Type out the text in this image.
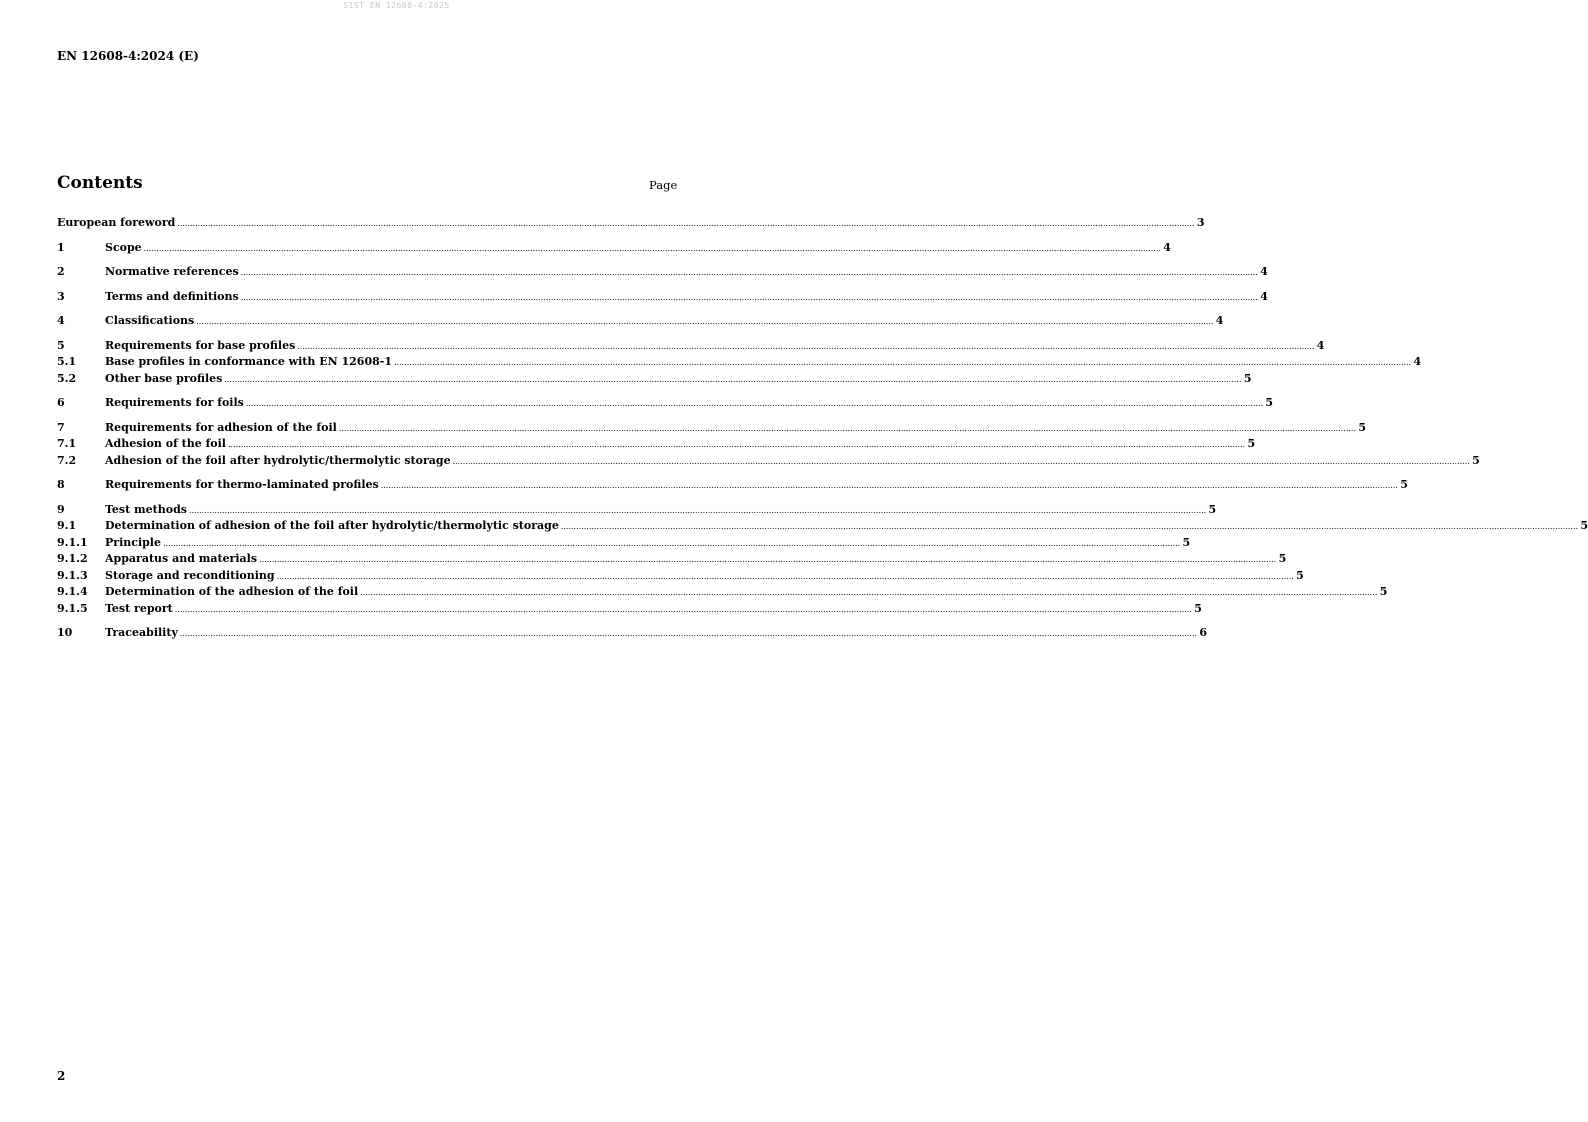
SIST EN 12608-4:2025
EN 12608-4:2024 (E)
Contents	Page
European foreword ................................................................................................................................................................................................................................................................................................................................................................................................................ 3
1	Scope ................................................................................................................................................................................................................................................................................................................................................................................................................ 4
2	Normative references ................................................................................................................................................................................................................................................................................................................................................................................................................ 4
3	Terms and definitions ................................................................................................................................................................................................................................................................................................................................................................................................................ 4
4	Classifications ................................................................................................................................................................................................................................................................................................................................................................................................................ 4
5	Requirements for base profiles ................................................................................................................................................................................................................................................................................................................................................................................................................ 4
5.1	Base profiles in conformance with EN 12608-1 ................................................................................................................................................................................................................................................................................................................................................................................................................ 4
5.2	Other base profiles ................................................................................................................................................................................................................................................................................................................................................................................................................ 5
6	Requirements for foils ................................................................................................................................................................................................................................................................................................................................................................................................................ 5
7	Requirements for adhesion of the foil ................................................................................................................................................................................................................................................................................................................................................................................................................ 5
7.1	Adhesion of the foil ................................................................................................................................................................................................................................................................................................................................................................................................................ 5
7.2	Adhesion of the foil after hydrolytic/thermolytic storage ................................................................................................................................................................................................................................................................................................................................................................................................................ 5
8	Requirements for thermo-laminated profiles ................................................................................................................................................................................................................................................................................................................................................................................................................ 5
9	Test methods ................................................................................................................................................................................................................................................................................................................................................................................................................ 5
9.1	Determination of adhesion of the foil after hydrolytic/thermolytic storage ................................................................................................................................................................................................................................................................................................................................................................................................................ 5
9.1.1	Principle ................................................................................................................................................................................................................................................................................................................................................................................................................ 5
9.1.2	Apparatus and materials ................................................................................................................................................................................................................................................................................................................................................................................................................ 5
9.1.3	Storage and reconditioning ................................................................................................................................................................................................................................................................................................................................................................................................................ 5
9.1.4	Determination of the adhesion of the foil ................................................................................................................................................................................................................................................................................................................................................................................................................ 5
9.1.5	Test report ................................................................................................................................................................................................................................................................................................................................................................................................................ 5
10	Traceability ................................................................................................................................................................................................................................................................................................................................................................................................................ 6
2
